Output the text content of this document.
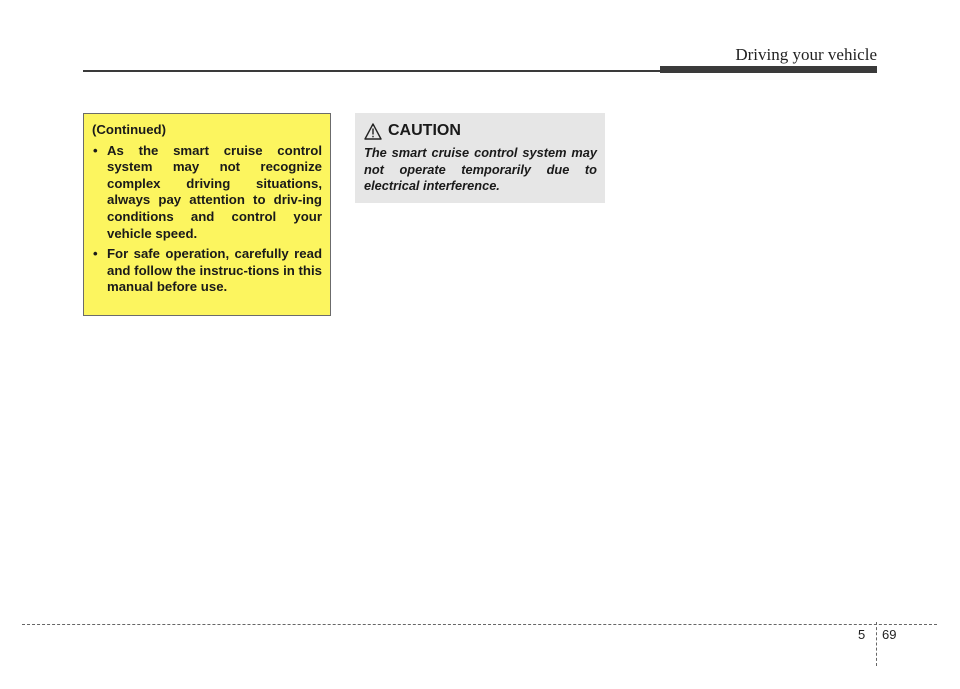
Driving your vehicle
(Continued)
• As the smart cruise control system may not recognize complex driving situations, always pay attention to driv-ing conditions and control your vehicle speed.
• For safe operation, carefully read and follow the instruc-tions in this manual before use.
CAUTION
The smart cruise control system may not operate temporarily due to electrical interference.
5 69
